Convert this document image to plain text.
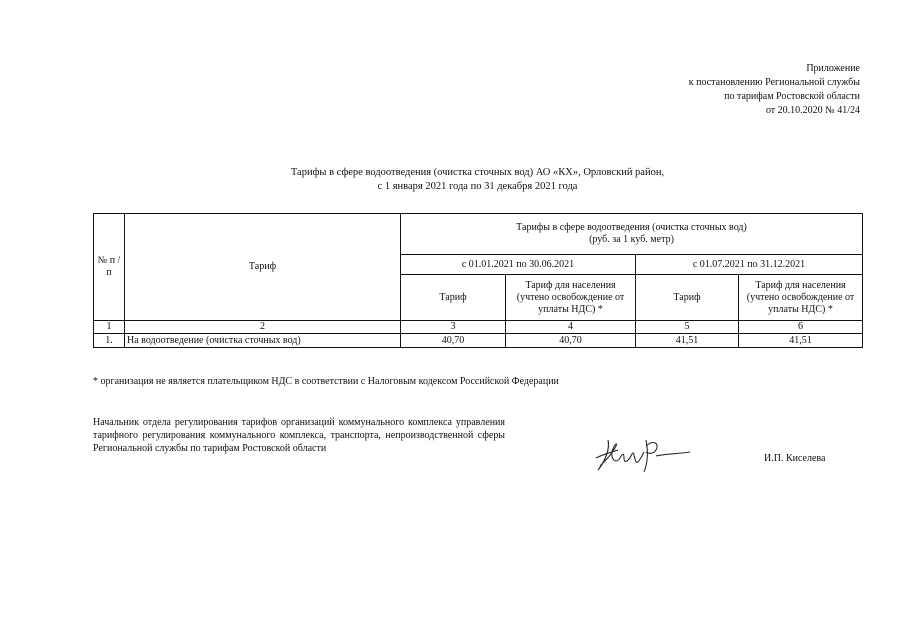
Приложение
к постановлению Региональной службы
по тарифам Ростовской области
от 20.10.2020 № 41/24
Тарифы в сфере водоотведения (очистка сточных вод) АО «КХ», Орловский район,
с 1 января 2021 года по 31 декабря 2021 года
№ п /п	Тариф	Тарифы в сфере водоотведения (очистка сточных вод)
(руб. за 1 куб. метр)			

		с 01.01.2021 по 30.06.2021		с 01.07.2021 по 31.12.2021	
		Тариф	Тариф для населения (учтено освобождение от уплаты НДС) *	Тариф	Тариф для населения (учтено освобождение от уплаты НДС) *
1	2	3	4	5	6
1.	На водоотведение (очистка сточных вод)	40,70	40,70	41,51	41,51
* организация не является плательщиком НДС в соответствии с Налоговым кодексом Российской Федерации
Начальник отдела регулирования тарифов организаций коммунального комплекса управления тарифного регулирования коммунального комплекса, транспорта, непроизводственной сферы Региональной службы по тарифам Ростовской области
И.П. Киселева
